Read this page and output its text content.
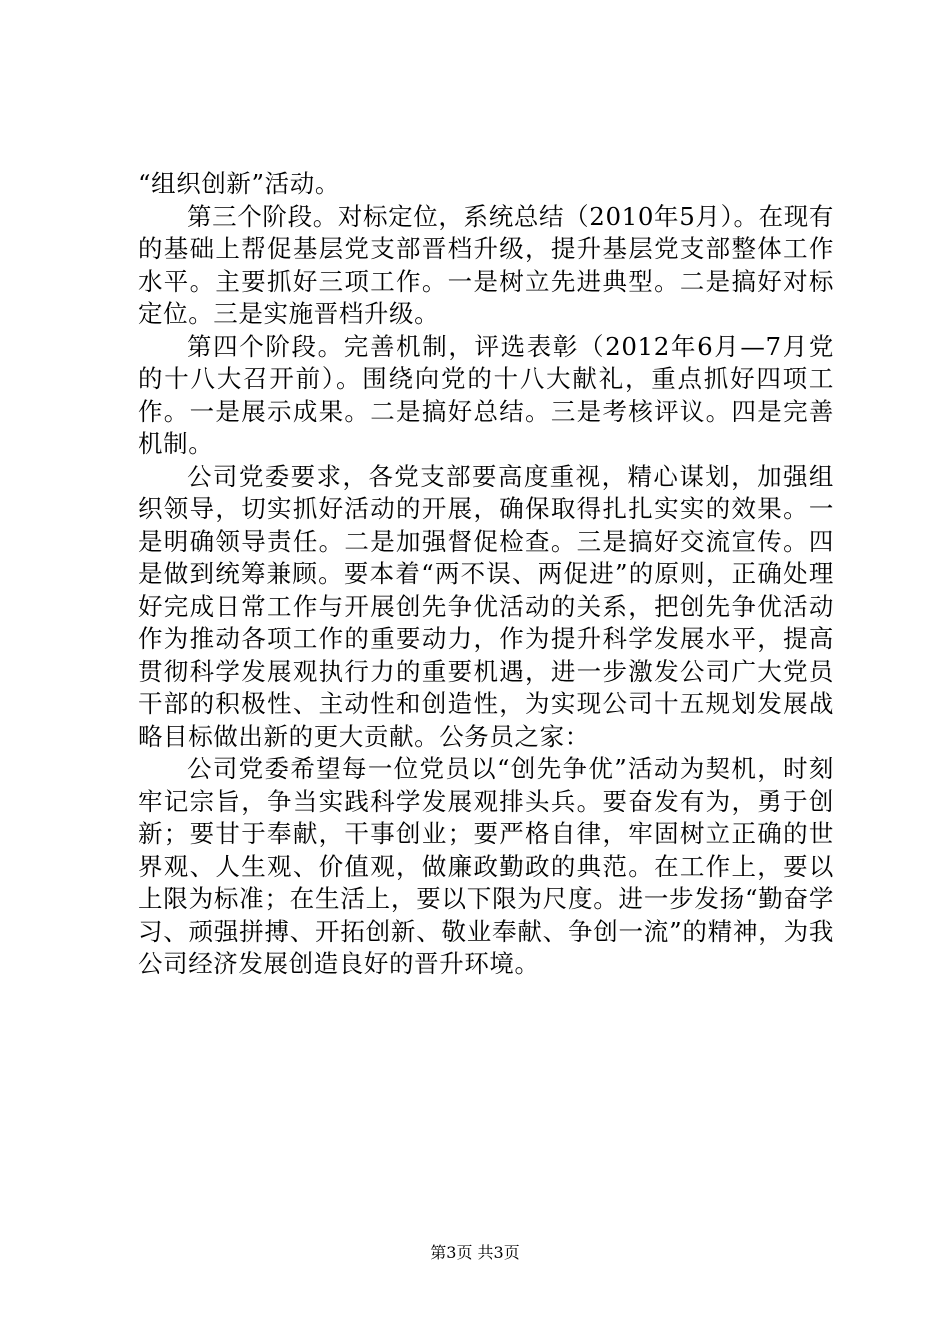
“组织创新”活动。

第三个阶段。对标定位，系统总结（2010年5月）。在现有的基础上帮促基层党支部晋档升级，提升基层党支部整体工作水平。主要抓好三项工作。一是树立先进典型。二是搞好对标定位。三是实施晋档升级。

第四个阶段。完善机制，评选表彰（2012年6月—7月党的十八大召开前）。围绕向党的十八大献礼，重点抓好四项工作。一是展示成果。二是搞好总结。三是考核评议。四是完善机制。

公司党委要求，各党支部要高度重视，精心谋划，加强组织领导，切实抓好活动的开展，确保取得扎扎实实的效果。一是明确领导责任。二是加强督促检查。三是搞好交流宣传。四是做到统筹兼顾。要本着“两不误、两促进”的原则，正确处理好完成日常工作与开展创先争优活动的关系，把创先争优活动作为推动各项工作的重要动力，作为提升科学发展水平，提高贯彻科学发展观执行力的重要机遇，进一步激发公司广大党员干部的积极性、主动性和创造性，为实现公司十五规划发展战略目标做出新的更大贡献。公务员之家：

公司党委希望每一位党员以“创先争优”活动为契机，时刻牢记宗旨，争当实践科学发展观排头兵。要奋发有为，勇于创新；要甘于奉献，干事创业；要严格自律，牢固树立正确的世界观、人生观、价值观，做廉政勤政的典范。在工作上，要以上限为标准；在生活上，要以下限为尺度。进一步发扬“勤奋学习、顽强拼搏、开拓创新、敬业奉献、争创一流”的精神，为我公司经济发展创造良好的晋升环境。

第3页 共3页
